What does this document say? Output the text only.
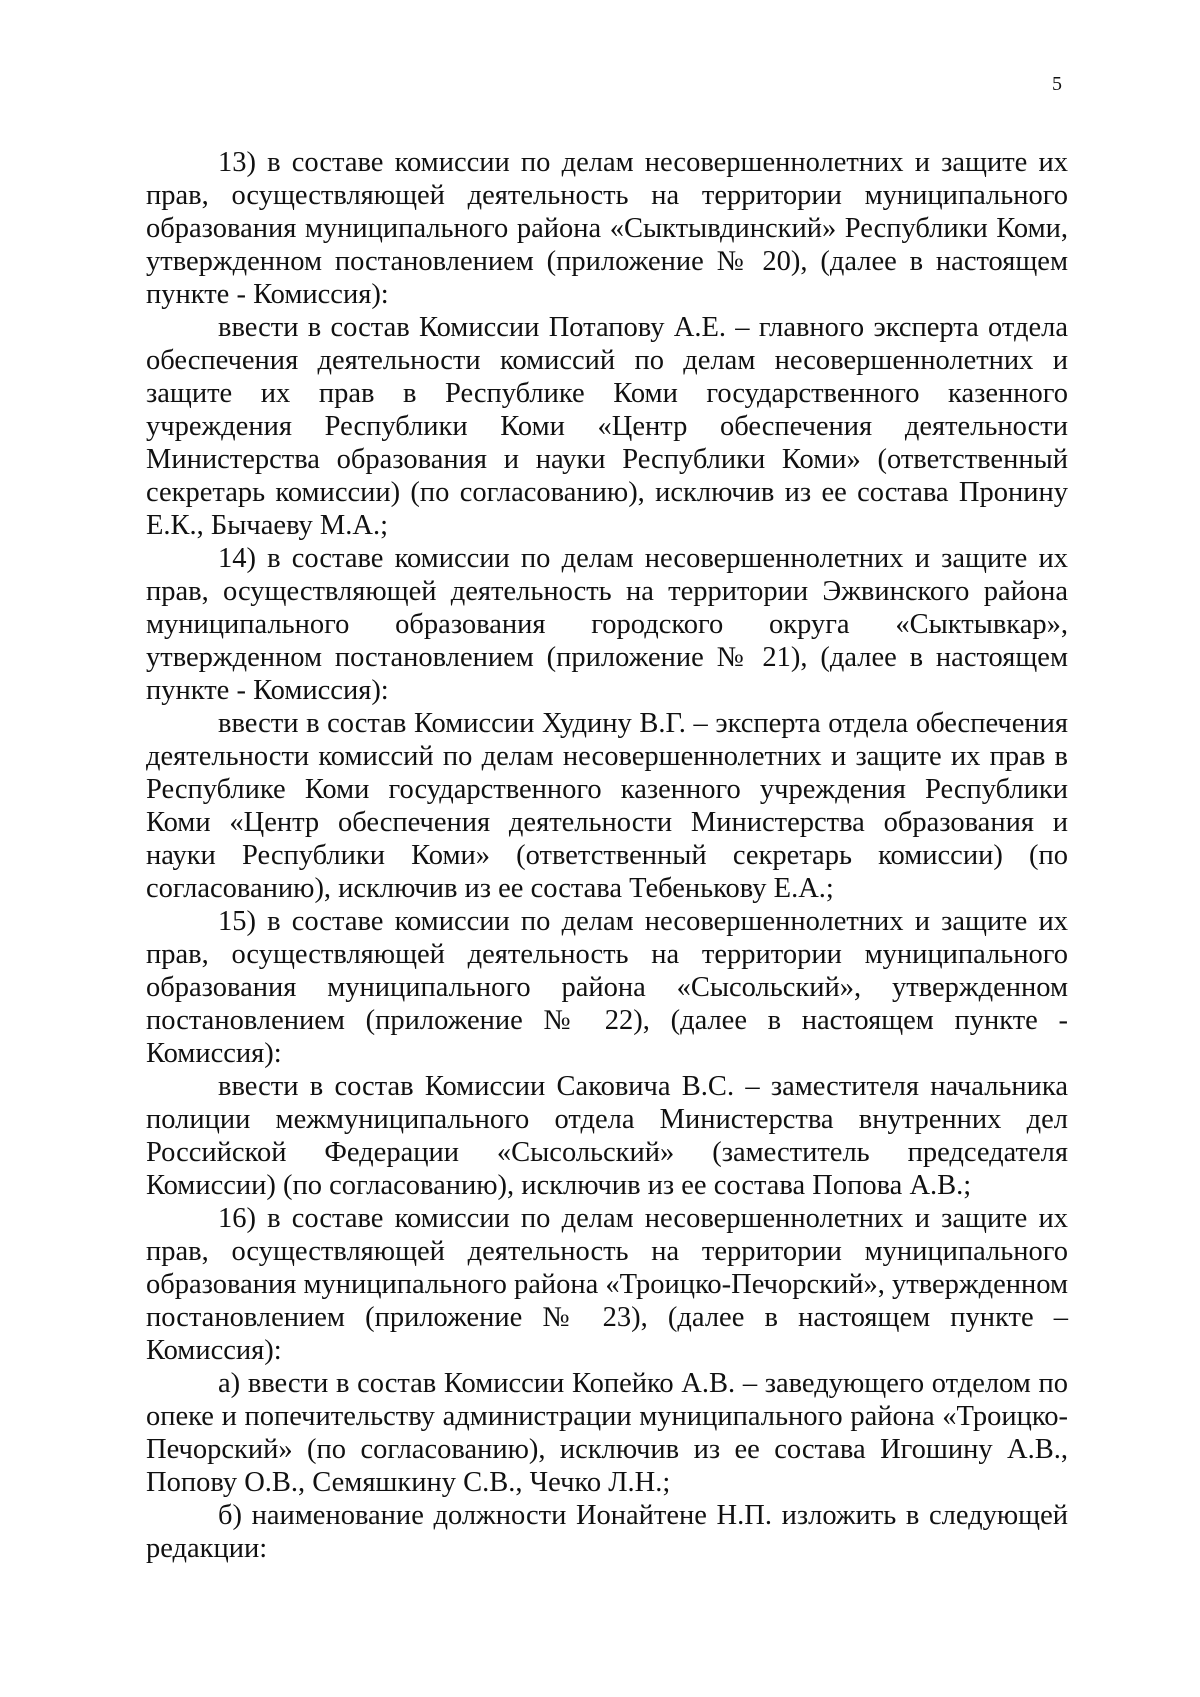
5

13) в составе комиссии по делам несовершеннолетних и защите их прав, осуществляющей деятельность на территории муниципального образования муниципального района «Сыктывдинский» Республики Коми, утвержденном постановлением (приложение № 20), (далее в настоящем пункте - Комиссия):

ввести в состав Комиссии Потапову А.Е. – главного эксперта отдела обеспечения деятельности комиссий по делам несовершеннолетних и защите их прав в Республике Коми государственного казенного учреждения Республики Коми «Центр обеспечения деятельности Министерства образования и науки Республики Коми» (ответственный секретарь комиссии) (по согласованию), исключив из ее состава Пронину Е.К., Бычаеву М.А.;

14) в составе комиссии по делам несовершеннолетних и защите их прав, осуществляющей деятельность на территории Эжвинского района муниципального образования городского округа «Сыктывкар», утвержденном постановлением (приложение № 21), (далее в настоящем пункте - Комиссия):

ввести в состав Комиссии Худину В.Г. – эксперта отдела обеспечения деятельности комиссий по делам несовершеннолетних и защите их прав в Республике Коми государственного казенного учреждения Республики Коми «Центр обеспечения деятельности Министерства образования и науки Республики Коми» (ответственный секретарь комиссии) (по согласованию), исключив из ее состава Тебенькову Е.А.;

15) в составе комиссии по делам несовершеннолетних и защите их прав, осуществляющей деятельность на территории муниципального образования муниципального района «Сысольский», утвержденном постановлением (приложение № 22), (далее в настоящем пункте - Комиссия):

ввести в состав Комиссии Саковича В.С. – заместителя начальника полиции межмуниципального отдела Министерства внутренних дел Российской Федерации «Сысольский» (заместитель председателя Комиссии) (по согласованию), исключив из ее состава Попова А.В.;

16) в составе комиссии по делам несовершеннолетних и защите их прав, осуществляющей деятельность на территории муниципального образования муниципального района «Троицко-Печорский», утвержденном постановлением (приложение № 23), (далее в настоящем пункте – Комиссия):

а) ввести в состав Комиссии Копейко А.В. – заведующего отделом по опеке и попечительству администрации муниципального района «Троицко-Печорский» (по согласованию), исключив из ее состава Игошину А.В., Попову О.В., Семяшкину С.В., Чечко Л.Н.;

б) наименование должности Ионайтене Н.П. изложить в следующей редакции:
